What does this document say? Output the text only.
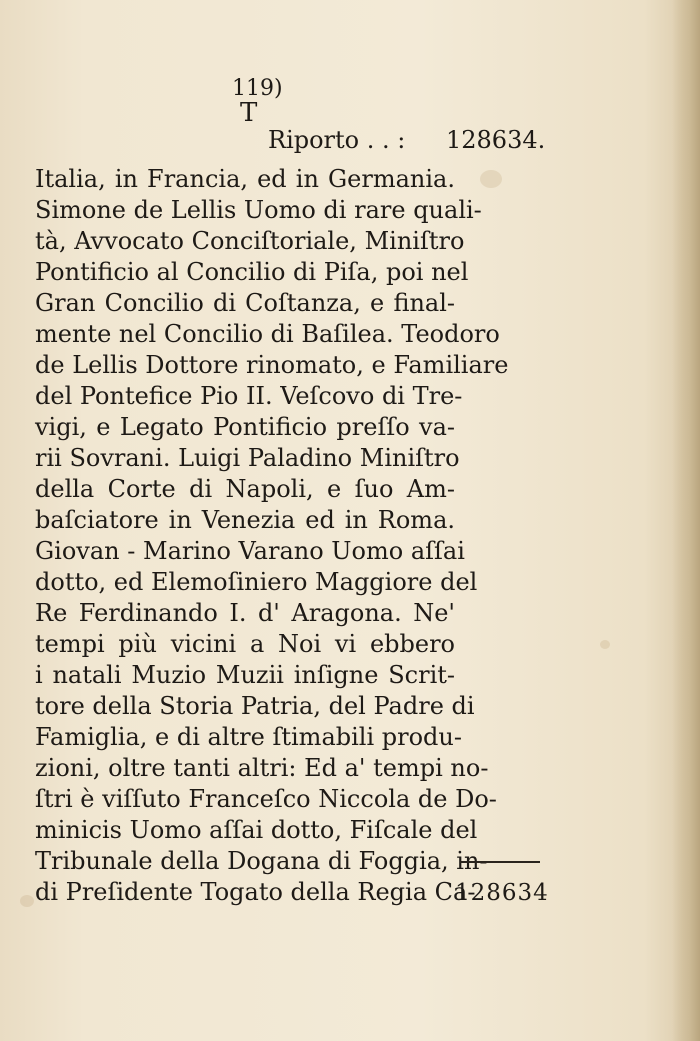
119)
T
Riporto . . : 128634.
Italia, in Francia, ed in Germania.
Simone de Lellis Uomo di rare quali-
tà, Avvocato Conciſtoriale, Miniſtro
Pontificio al Concilio di Piſa, poi nel
Gran Concilio di Coſtanza, e final-
mente nel Concilio di Baſilea. Teodoro
de Lellis Dottore rinomato, e Familiare
del Pontefice Pio II. Veſcovo di Tre-
vigi, e Legato Pontificio preſſo va-
rii Sovrani. Luigi Paladino Miniſtro
della Corte di Napoli, e ſuo Am-
baſciatore in Venezia ed in Roma.
Giovan - Marino Varano Uomo aſſai
dotto, ed Elemoſiniero Maggiore del
Re Ferdinando I. d' Aragona. Ne'
tempi più vicini a Noi vi ebbero
i natali Muzio Muzii inſigne Scrit-
tore della Storia Patria, del Padre di
Famiglia, e di altre ſtimabili produ-
zioni, oltre tanti altri: Ed a' tempi no-
ſtri è viſſuto Franceſco Niccola de Do-
minicis Uomo aſſai dotto, Fiſcale del
Tribunale della Dogana di Foggia, in-
di Preſidente Togato della Regia Ca-
128634
